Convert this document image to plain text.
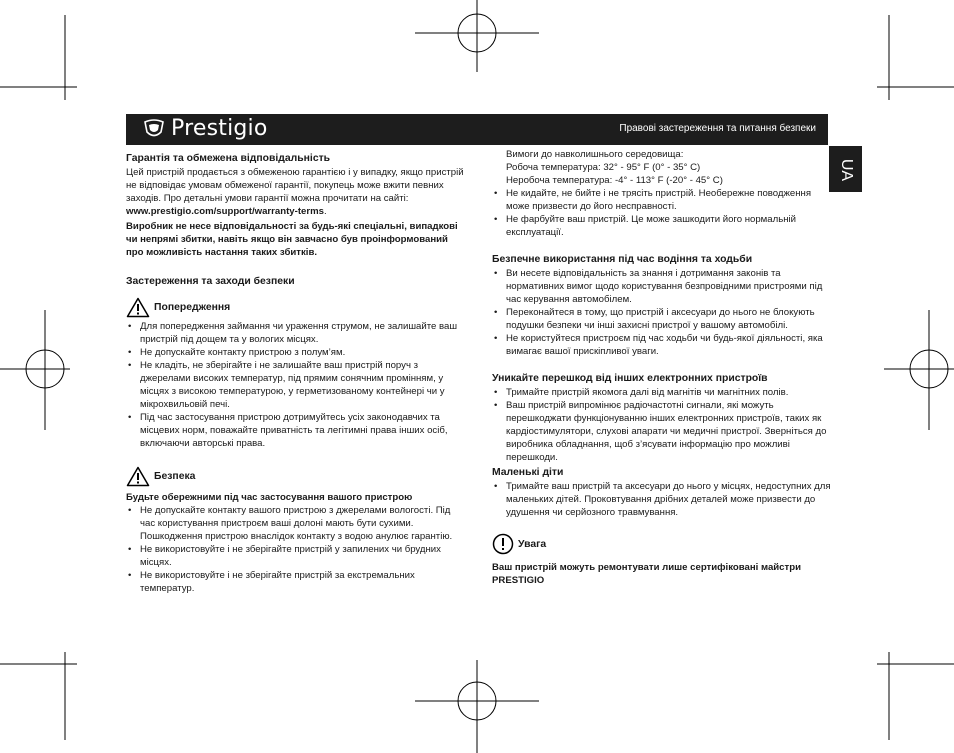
Prestigio	Правові застереження та питання безпеки
UA

Гарантія та обмежена відповідальність

Цей пристрій продається з обмеженою гарантією і у випадку, якщо пристрій не відповідає умовам обмеженої гарантії, покупець може вжити певних заходів. Про детальні умови гарантії можна прочитати на сайті: www.prestigio.com/support/warranty-terms.

Виробник не несе відповідальності за будь-які спеціальні, випадкові чи непрямі збитки, навіть якщо він завчасно був проінформований про можливість настання таких збитків.

Застереження та заходи безпеки

Попередження
• Для попередження займання чи ураження струмом, не залишайте ваш пристрій під дощем та у вологих місцях.
• Не допускайте контакту пристрою з полум’ям.
• Не кладіть, не зберігайте і не залишайте ваш пристрій поруч з джерелами високих температур, під прямим сонячним промінням, у місцях з високою температурою, у герметизованому контейнері чи у мікрохвильовій печі.
• Під час застосування пристрою дотримуйтесь усіх законодавчих та місцевих норм, поважайте приватність та легітимні права інших осіб, включаючи авторські права.
Безпека

Будьте обережними під час застосування вашого пристрою

• Не допускайте контакту вашого пристрою з джерелами вологості. Під час користування пристроєм ваші долоні мають бути сухими. Пошкодження пристрою внаслідок контакту з водою анулює гарантію.
• Не використовуйте і не зберігайте пристрій у запилених чи брудних місцях.
• Не використовуйте і не зберігайте пристрій за екстремальних температур.

Вимоги до навколишнього середовища:

Робоча температура: 32° - 95° F (0° - 35° C)

Неробоча температура: -4° - 113° F (-20° - 45° C)

• Не кидайте, не бийте і не трясіть пристрій. Необережне поводження може призвести до його несправності.
• Не фарбуйте ваш пристрій. Це може зашкодити його нормальній експлуатації.

Безпечне використання під час водіння та ходьби

• Ви несете відповідальність за знання і дотримання законів та нормативних вимог щодо користування безпровідними пристроями під час керування автомобілем.
• Переконайтеся в тому, що пристрій і аксесуари до нього не блокують подушки безпеки чи інші захисні пристрої у вашому автомобілі.
• Не користуйтеся пристроєм під час ходьби чи будь-якої діяльності, яка вимагає вашої прискіпливої уваги.

Уникайте перешкод від інших електронних пристроїв

• Тримайте пристрій якомога далі від магнітів чи магнітних полів.
• Ваш пристрій випромінює радіочастотні сигнали, які можуть перешкоджати функціонуванню інших електронних пристроїв, таких як кардіостимулятори, слухові апарати чи медичні пристрої. Зверніться до виробника обладнання, щоб з’ясувати інформацію про можливі перешкоди.

Маленькі діти

• Тримайте ваш пристрій та аксесуари до нього у місцях, недоступних для маленьких дітей. Проковтування дрібних деталей може призвести до удушення чи серйозного травмування.
Увага

Ваш пристрій можуть ремонтувати лише сертифіковані майстри PRESTIGIO
